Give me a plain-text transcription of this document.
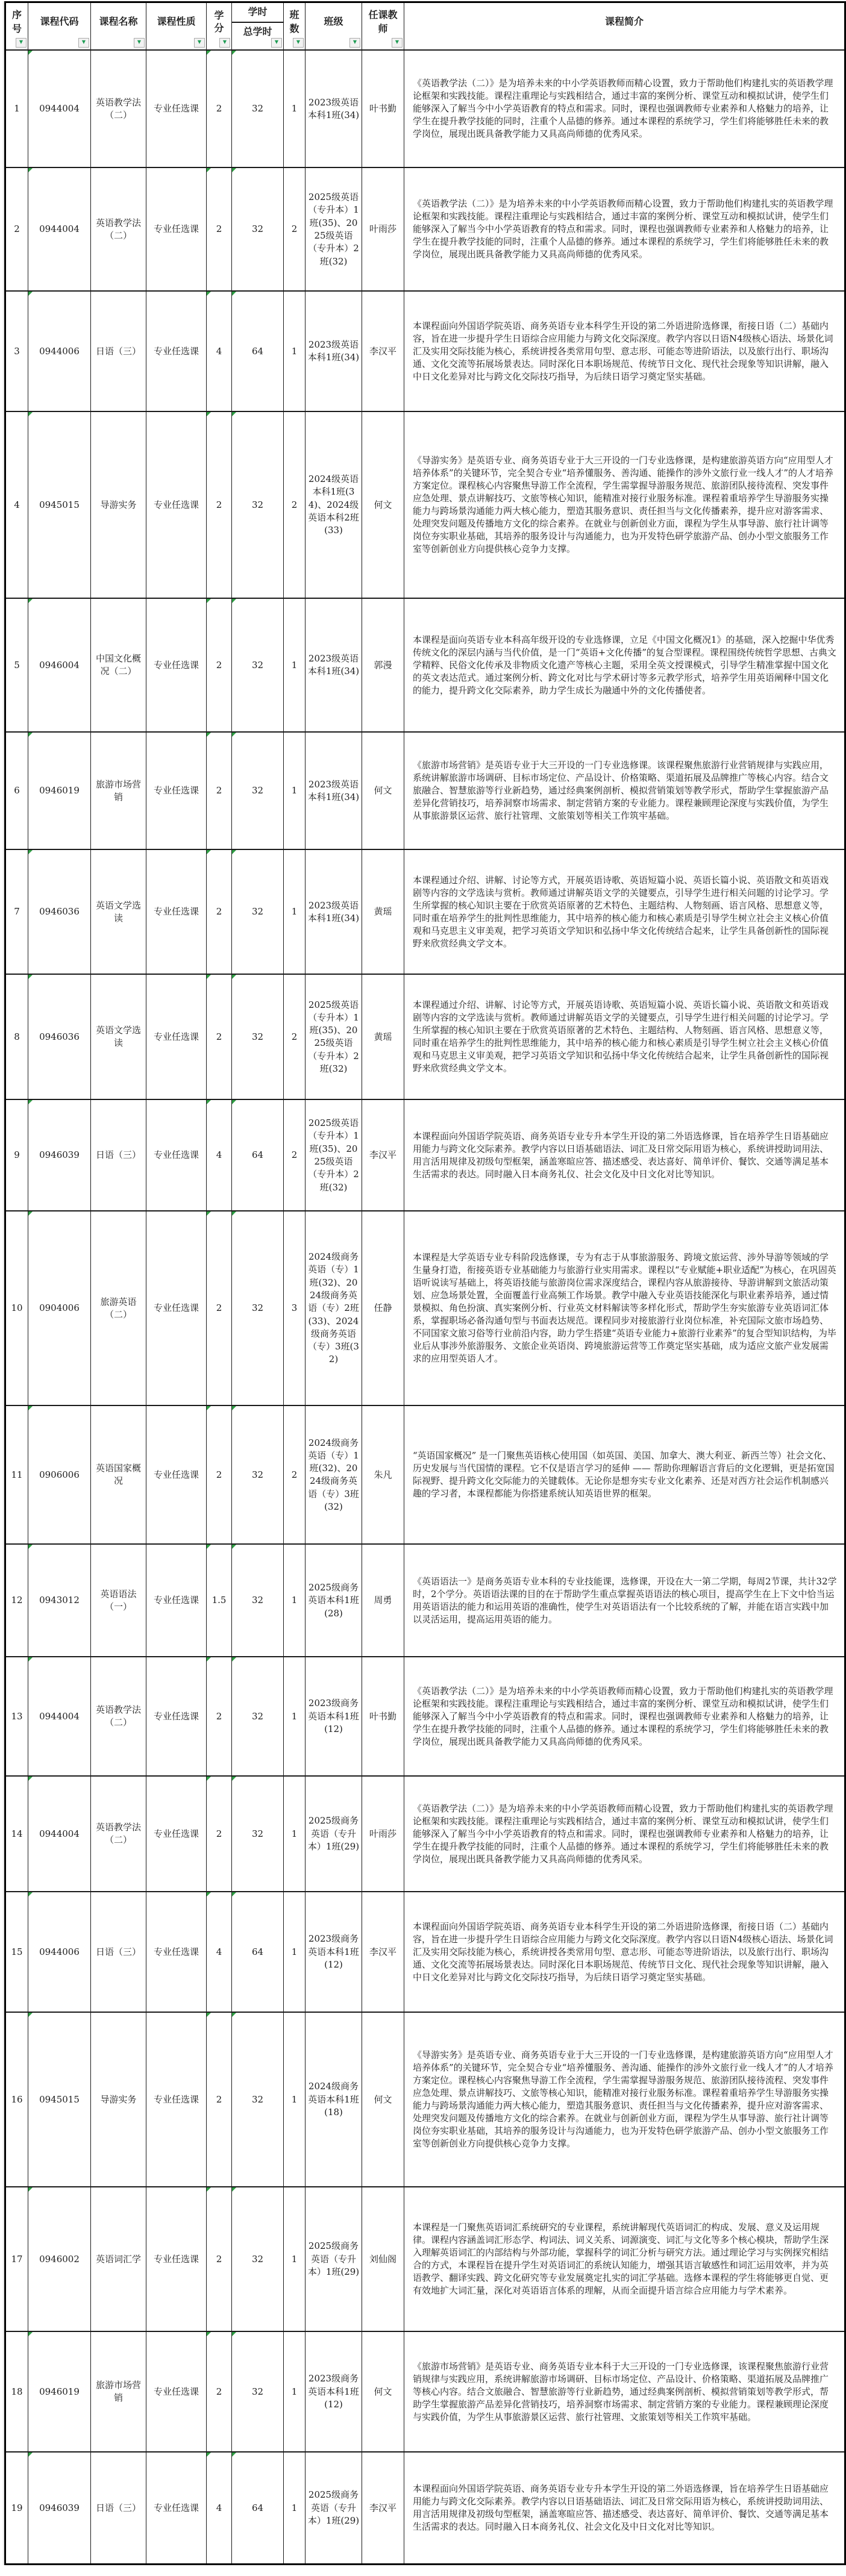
序号	课程代码	课程名称	课程性质	学分	学时	班数	班级	任课教师	课程简介
					总学时				

1	0944004	英语教学法（二）	专业任选课	2	32	1	2023级英语本科1班(34)	叶书勤	《英语教学法（二）》是为培养未来的中小学英语教师而精心设置，致力于帮助他们构建扎实的英语教学理论框架和实践技能。课程注重理论与实践相结合，通过丰富的案例分析、课堂互动和模拟试讲，使学生们能够深入了解当今中小学英语教育的特点和需求。同时，课程也强调教师专业素养和人格魅力的培养，让学生在提升教学技能的同时，注重个人品德的修养。通过本课程的系统学习，学生们将能够胜任未来的教学岗位，展现出既具备教学能力又具高尚师德的优秀风采。
2	0944004	英语教学法（二）	专业任选课	2	32	2	2025级英语（专升本）1班(35)、2025级英语（专升本）2班(32)	叶雨莎	《英语教学法（二）》是为培养未来的中小学英语教师而精心设置，致力于帮助他们构建扎实的英语教学理论框架和实践技能。课程注重理论与实践相结合，通过丰富的案例分析、课堂互动和模拟试讲，使学生们能够深入了解当今中小学英语教育的特点和需求。同时，课程也强调教师专业素养和人格魅力的培养，让学生在提升教学技能的同时，注重个人品德的修养。通过本课程的系统学习，学生们将能够胜任未来的教学岗位，展现出既具备教学能力又具高尚师德的优秀风采。
3	0944006	日语（三）	专业任选课	4	64	1	2023级英语本科1班(34)	李汉平	本课程面向外国语学院英语、商务英语专业本科学生开设的第二外语进阶选修课，衔接日语（二）基础内容，旨在进一步提升学生日语综合应用能力与跨文化交际深度。教学内容以日语N4级核心语法、场景化词汇及实用交际技能为核心，系统讲授各类常用句型、意志形、可能态等进阶语法，以及旅行出行、职场沟通、文化交流等拓展场景表达。同时深化日本职场规范、传统节日文化、现代社会现象等知识讲解，融入中日文化差异对比与跨文化交际技巧指导，为后续日语学习奠定坚实基础。
4	0945015	导游实务	专业任选课	2	32	2	2024级英语本科1班(34)、2024级英语本科2班(33)	何文	《导游实务》是英语专业、商务英语专业于大三开设的一门专业选修课，是构建旅游英语方向“应用型人才培养体系”的关键环节，完全契合专业“培养懂服务、善沟通、能操作的涉外文旅行业一线人才”的人才培养方案定位。课程核心内容聚焦导游工作全流程，学生需掌握导游服务规范、旅游团队接待流程、突发事件应急处理、景点讲解技巧、文旅等核心知识，能精准对接行业服务标准。课程着重培养学生导游服务实操能力与跨场景沟通能力两大核心能力，塑造其服务意识、责任担当与文化传播素养，提升应对游客需求、处理突发问题及传播地方文化的综合素养。在就业与创新创业方面，课程为学生从事导游、旅行社计调等岗位夯实职业基础，其培养的服务设计与沟通能力，也为开发特色研学旅游产品、创办小型文旅服务工作室等创新创业方向提供核心竞争力支撑。
5	0946004	中国文化概况（二）	专业任选课	2	32	1	2023级英语本科1班(34)	郭漫	本课程是面向英语专业本科高年级开设的专业选修课，立足《中国文化概况1》的基础，深入挖掘中华优秀传统文化的深层内涵与当代价值，是一门“英语+文化传播”的复合型课程。课程围绕传统哲学思想、古典文学精粹、民俗文化传承及非物质文化遗产等核心主题，采用全英文授课模式，引导学生精准掌握中国文化的英文表达范式。通过案例分析、跨文化对比与学术研讨等多元教学形式，培养学生用英语阐释中国文化的能力，提升跨文化交际素养，助力学生成长为融通中外的文化传播使者。
6	0946019	旅游市场营销	专业任选课	2	32	1	2023级英语本科1班(34)	何文	《旅游市场营销》是英语专业于大三开设的一门专业选修课。该课程聚焦旅游行业营销规律与实践应用，系统讲解旅游市场调研、目标市场定位、产品设计、价格策略、渠道拓展及品牌推广等核心内容。结合文旅融合、智慧旅游等行业新趋势，通过经典案例剖析、模拟营销策划等教学形式，帮助学生掌握旅游产品差异化营销技巧，培养洞察市场需求、制定营销方案的专业能力。课程兼顾理论深度与实践价值，为学生从事旅游景区运营、旅行社管理、文旅策划等相关工作筑牢基础。
7	0946036	英语文学选读	专业任选课	2	32	1	2023级英语本科1班(34)	黄瑶	本课程通过介绍、讲解、讨论等方式，开展英语诗歌、英语短篇小说、英语长篇小说、英语散文和英语戏剧等内容的文学选读与赏析。教师通过讲解英语文学的关键要点，引导学生进行相关问题的讨论学习。学生所掌握的核心知识主要在于欣赏英语原著的艺术特色、主题结构、人物刻画、语言风格、思想意义等，同时重在培养学生的批判性思维能力，其中培养的核心能力和核心素质是引导学生树立社会主义核心价值观和马克思主义审美观，把学习英语文学知识和弘扬中华文化传统结合起来，让学生具备创新性的国际视野来欣赏经典文学文本。
8	0946036	英语文学选读	专业任选课	2	32	2	2025级英语（专升本）1班(35)、2025级英语（专升本）2班(32)	黄瑶	本课程通过介绍、讲解、讨论等方式，开展英语诗歌、英语短篇小说、英语长篇小说、英语散文和英语戏剧等内容的文学选读与赏析。教师通过讲解英语文学的关键要点，引导学生进行相关问题的讨论学习。学生所掌握的核心知识主要在于欣赏英语原著的艺术特色、主题结构、人物刻画、语言风格、思想意义等，同时重在培养学生的批判性思维能力，其中培养的核心能力和核心素质是引导学生树立社会主义核心价值观和马克思主义审美观，把学习英语文学知识和弘扬中华文化传统结合起来，让学生具备创新性的国际视野来欣赏经典文学文本。
9	0946039	日语（三）	专业任选课	4	64	2	2025级英语（专升本）1班(35)、2025级英语（专升本）2班(32)	李汉平	本课程面向外国语学院英语、商务英语专业专升本学生开设的第二外语选修课，旨在培养学生日语基础应用能力与跨文化交际素养。教学内容以日语基础语法、词汇及日常交际用语为核心，系统讲授助词用法、用言活用规律及初级句型框架，涵盖寒暄应答、描述感受、表达喜好、简单评价、餐饮、交通等满足基本生活需求的表达。同时融入日本商务礼仪、社会文化及中日文化对比等知识。
10	0904006	旅游英语（二）	专业任选课	2	32	3	2024级商务英语（专）1班(32)、2024级商务英语（专）2班(33)、2024级商务英语（专）3班(32)	任静	本课程是大学英语专业专科阶段选修课，专为有志于从事旅游服务、跨境文旅运营、涉外导游等领域的学生量身打造，衔接英语专业基础能力与旅游行业实用需求。课程以“专业赋能+职业适配”为核心，在巩固英语听说读写基础上，将英语技能与旅游岗位需求深度结合，课程内容从旅游接待、导游讲解到文旅活动策划、应急场景处置，全面覆盖行业高频工作场景。教学中融入专业英语技能深化与职业素养培养，通过情景模拟、角色扮演、真实案例分析、行业英文材料解读等多样化形式，帮助学生夯实旅游专业英语词汇体系，掌握职场必备沟通句型与书面表达规范。课程同步对接旅游行业岗位标准，补充国际文旅市场趋势、不同国家文旅习俗等行业前沿内容，助力学生搭建“英语专业能力+旅游行业素养”的复合型知识结构，为毕业后从事涉外旅游服务、文旅企业英语岗、跨境旅游运营等工作奠定坚实基础，成为适应文旅产业发展需求的应用型英语人才。
11	0906006	英语国家概况	专业任选课	2	32	2	2024级商务英语（专）1班(32)、2024级商务英语（专）3班(32)	朱凡	“英语国家概况” 是一门聚焦英语核心使用国（如英国、美国、加拿大、澳大利亚、新西兰等）社会文化、历史发展与当代国情的课程。它不仅是语言学习的延伸 —— 帮助你理解语言背后的文化逻辑，更是拓宽国际视野、提升跨文化交际能力的关键载体。无论你是想夯实专业文化素养、还是对西方社会运作机制感兴趣的学习者，本课程都能为你搭建系统认知英语世界的框架。
12	0943012	英语语法（一）	专业任选课	1.5	32	1	2025级商务英语本科1班(28)	周勇	《英语语法一》是商务英语专业本科的专业技能课，选修课，开设在大一第二学期，每周2节课，共计32学时，2个学分。英语语法课的目的在于帮助学生重点掌握英语语法的核心项目，提高学生在上下文中恰当运用英语语法的能力和运用英语的准确性，使学生对英语语法有一个比较系统的了解，并能在语言实践中加以灵活运用，提高运用英语的能力。
13	0944004	英语教学法（二）	专业任选课	2	32	1	2023级商务英语本科1班(12)	叶书勤	《英语教学法（二）》是为培养未来的中小学英语教师而精心设置，致力于帮助他们构建扎实的英语教学理论框架和实践技能。课程注重理论与实践相结合，通过丰富的案例分析、课堂互动和模拟试讲，使学生们能够深入了解当今中小学英语教育的特点和需求。同时，课程也强调教师专业素养和人格魅力的培养，让学生在提升教学技能的同时，注重个人品德的修养。通过本课程的系统学习，学生们将能够胜任未来的教学岗位，展现出既具备教学能力又具高尚师德的优秀风采。
14	0944004	英语教学法（二）	专业任选课	2	32	1	2025级商务英语（专升本）1班(29)	叶雨莎	《英语教学法（二）》是为培养未来的中小学英语教师而精心设置，致力于帮助他们构建扎实的英语教学理论框架和实践技能。课程注重理论与实践相结合，通过丰富的案例分析、课堂互动和模拟试讲，使学生们能够深入了解当今中小学英语教育的特点和需求。同时，课程也强调教师专业素养和人格魅力的培养，让学生在提升教学技能的同时，注重个人品德的修养。通过本课程的系统学习，学生们将能够胜任未来的教学岗位，展现出既具备教学能力又具高尚师德的优秀风采。
15	0944006	日语（三）	专业任选课	4	64	1	2023级商务英语本科1班(12)	李汉平	本课程面向外国语学院英语、商务英语专业本科学生开设的第二外语进阶选修课，衔接日语（二）基础内容，旨在进一步提升学生日语综合应用能力与跨文化交际深度。教学内容以日语N4级核心语法、场景化词汇及实用交际技能为核心，系统讲授各类常用句型、意志形、可能态等进阶语法，以及旅行出行、职场沟通、文化交流等拓展场景表达。同时深化日本职场规范、传统节日文化、现代社会现象等知识讲解，融入中日文化差异对比与跨文化交际技巧指导，为后续日语学习奠定坚实基础。
16	0945015	导游实务	专业任选课	2	32	1	2024级商务英语本科1班(18)	何文	《导游实务》是英语专业、商务英语专业于大三开设的一门专业选修课，是构建旅游英语方向“应用型人才培养体系”的关键环节，完全契合专业“培养懂服务、善沟通、能操作的涉外文旅行业一线人才”的人才培养方案定位。课程核心内容聚焦导游工作全流程，学生需掌握导游服务规范、旅游团队接待流程、突发事件应急处理、景点讲解技巧、文旅等核心知识，能精准对接行业服务标准。课程着重培养学生导游服务实操能力与跨场景沟通能力两大核心能力，塑造其服务意识、责任担当与文化传播素养，提升应对游客需求、处理突发问题及传播地方文化的综合素养。在就业与创新创业方面，课程为学生从事导游、旅行社计调等岗位夯实职业基础，其培养的服务设计与沟通能力，也为开发特色研学旅游产品、创办小型文旅服务工作室等创新创业方向提供核心竞争力支撑。
17	0946002	英语词汇学	专业任选课	2	32	1	2025级商务英语（专升本）1班(29)	刘仙阁	本课程是一门聚焦英语词汇系统研究的专业课程，系统讲解现代英语词汇的构成、发展、意义及运用规律。课程内容涵盖词汇形态学、构词法、词义关系、词源演变、词汇与文化等多个核心模块，帮助学生深入理解英语词汇的内部结构与外部功能，掌握科学的词汇分析与研究方法。通过理论学习与实例探究相结合的方式，本课程旨在提升学生对英语词汇的系统认知能力，增强其语言敏感性和词汇运用效率，并为英语教学、翻译实践、跨文化研究等专业发展奠定扎实的词汇学基础。选修本课程的学生将能够更自觉、更有效地扩大词汇量，深化对英语语言体系的理解，从而全面提升语言综合应用能力与学术素养。
18	0946019	旅游市场营销	专业任选课	2	32	1	2023级商务英语本科1班(12)	何文	《旅游市场营销》是英语专业、商务英语专业本科于大三开设的一门专业选修课，该课程聚焦旅游行业营销规律与实践应用，系统讲解旅游市场调研、目标市场定位、产品设计、价格策略、渠道拓展及品牌推广等核心内容。结合文旅融合、智慧旅游等行业新趋势，通过经典案例剖析、模拟营销策划等教学形式，帮助学生掌握旅游产品差异化营销技巧，培养洞察市场需求、制定营销方案的专业能力。课程兼顾理论深度与实践价值，为学生从事旅游景区运营、旅行社管理、文旅策划等相关工作筑牢基础。
19	0946039	日语（三）	专业任选课	4	64	1	2025级商务英语（专升本）1班(29)	李汉平	本课程面向外国语学院英语、商务英语专业专升本学生开设的第二外语选修课，旨在培养学生日语基础应用能力与跨文化交际素养。教学内容以日语基础语法、词汇及日常交际用语为核心，系统讲授助词用法、用言活用规律及初级句型框架，涵盖寒暄应答、描述感受、表达喜好、简单评价、餐饮、交通等满足基本生活需求的表达。同时融入日本商务礼仪、社会文化及中日文化对比等知识。
